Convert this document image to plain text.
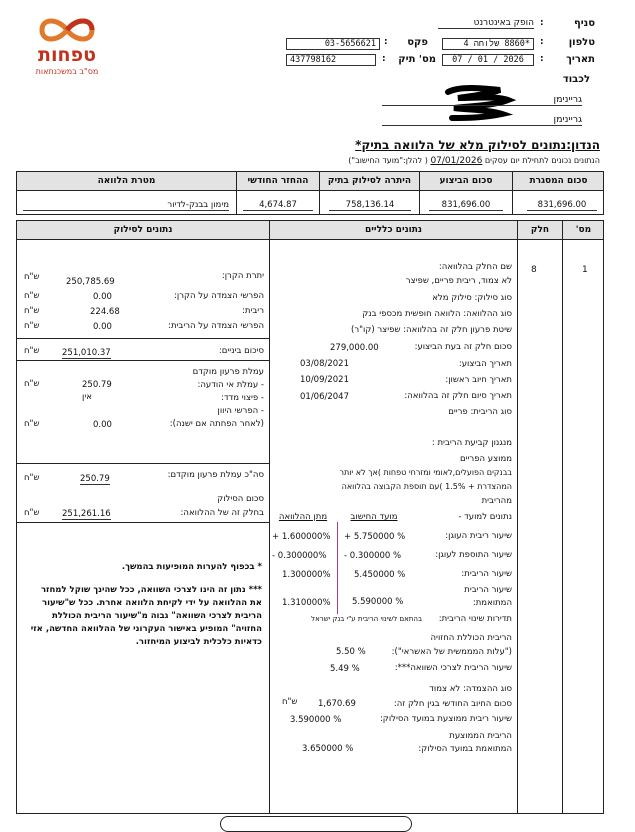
טפחות
מס"ב במשכנתאות
סניף
:
הופק באינטרנט
טלפון
:
*8860 שלוחה 4
פקס
:
03-5656621
תאריך
:
07 / 01 / 2026
מס' תיק
:
437798162
לכבוד
גריינימן
גריינימן
הנדון:נתונים לסילוק מלא של הלוואה בתיק*
הנתונים נכונים לתחילת יום עסקים 07/01/2026 ( להלן:"מועד החישוב")
סכום המסגרת
סכום הביצוע
היתרה לסילוק בתיק
ההחזר החודשי
מטרת הלוואה
831,696.00
831,696.00
758,136.14
4,674.87
מימון בבנק-לדיור
מס'
חלק
נתונים כלליים
נתונים לסילוק
1
8
שם החלק בהלוואה:
לא צמוד, ריבית פריים, שפיצר
סוג סילוק: סילוק מלא
סוג ההלוואה: הלוואה חופשית מכספי בנק
שיטת פרעון חלק זה בהלוואה: שפיצר (קו"ר)
סכום חלק זה בעת הביצוע:
279,000.00
תאריך הביצוע:
03/08/2021
תאריך חיוב ראשון:
10/09/2021
תאריך סיום חלק זה בהלוואה:
01/06/2047
סוג הריבית: פריים
מנגנון קביעת הריבית :
ממוצע הפריים
בבנקים הפועלים,לאומי ומזרחי טפחות )אך לא יותר
המהצדרת + 1.5% )עם תוספת הקבוצה בהלוואה
מהריבית
נתונים למועד -
מועד החישוב
מתן ההלוואה
שיעור ריבית העוגן:
+ 5.750000 %
+ 1.600000%
שיעור התוספת לעוגן:
- 0.300000 %
- 0.300000%
שיעור הריבית:
5.450000 %
1.300000%
שיעור הריבית
המתואמת:
5.590000 %
1.310000%
תדירות שינוי הריבית:
בהתאם לשינוי הריבית ע"י בנק ישראל
הריבית הכוללת החזויה
("עלות המממשית של האשראי"):
5.50 %
שיעור הריבית לצרכי השוואה***:
5.49 %
סוג ההצמדה: לא צמוד
סכום החיוב החודשי בגין חלק זה:
1,670.69
ש"ח
שיעור ריבית ממוצעת במועד הסילוק:
3.590000 %
הריבית הממוצעת
המתואמת במועד הסילוק:
3.650000 %
יתרת הקרן:
250,785.69
ש"ח
הפרשי הצמדה על הקרן:
0.00
ש"ח
ריבית:
224.68
ש"ח
הפרשי הצמדה על הריבית:
0.00
ש"ח
סיכום ביניים:
251,010.37
ש"ח
עמלת פרעון מוקדם
- עמלת אי הודעה:
250.79
ש"ח
- פיצוי מדד:
אין
- הפרשי היוון
(לאחר הפחתה אם ישנה):
0.00
ש"ח
סה"כ עמלת פרעון מוקדם:
250.79
ש"ח
סכום הסילוק
בחלק זה של ההלוואה:
251,261.16
ש"ח
* בכפוף להערות המופיעות בהמשך.
*** נתון זה הינו לצרכי השוואה, ככל שהינך שוקל למחזר את ההלוואה על ידי לקיחת הלוואה אחרת. ככל ש"שיעור הריבית לצרכי השוואה" גבוה מ"שיעור הריבית הכוללת החזויה" המופיע באישור העקרוני של ההלוואה החדשה, אזי כדאיות כלכלית לביצוע המיחזור.
